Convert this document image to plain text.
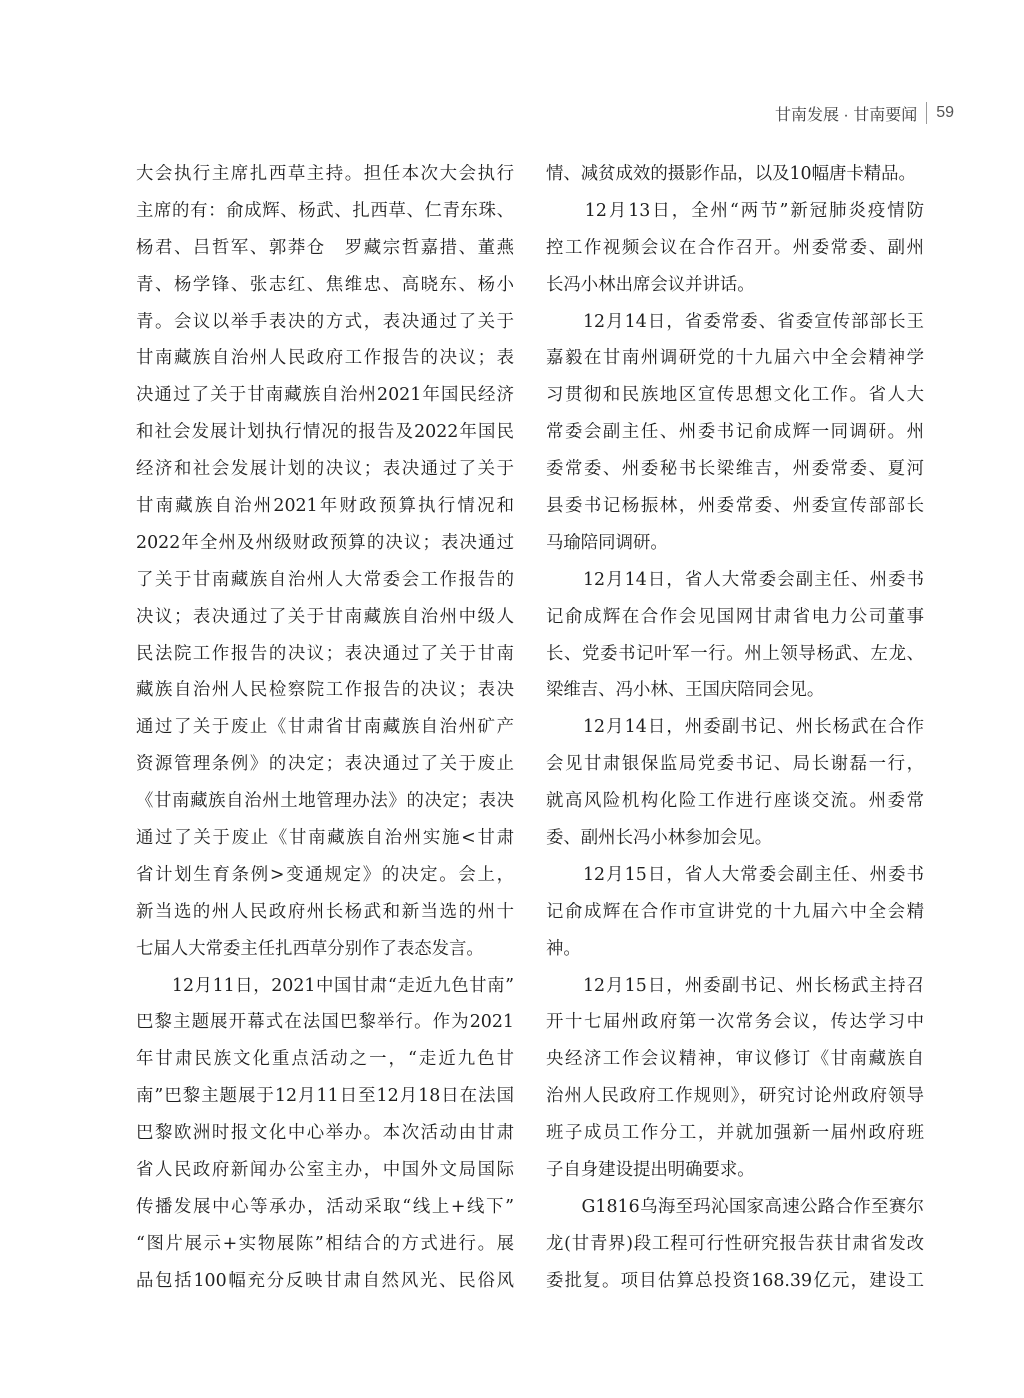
甘南发展 · 甘南要闻 59
大会执行主席扎西草主持。担任本次大会执行
主席的有：俞成辉、杨武、扎西草、仁青东珠、
杨君、吕哲军、郭莽仓　罗藏宗哲嘉措、董燕
青、杨学锋、张志红、焦维忠、高晓东、杨小
青。会议以举手表决的方式，表决通过了关于
甘南藏族自治州人民政府工作报告的决议；表
决通过了关于甘南藏族自治州2021年国民经济
和社会发展计划执行情况的报告及2022年国民
经济和社会发展计划的决议；表决通过了关于
甘南藏族自治州2021年财政预算执行情况和
2022年全州及州级财政预算的决议；表决通过
了关于甘南藏族自治州人大常委会工作报告的
决议；表决通过了关于甘南藏族自治州中级人
民法院工作报告的决议；表决通过了关于甘南
藏族自治州人民检察院工作报告的决议；表决
通过了关于废止《甘肃省甘南藏族自治州矿产
资源管理条例》的决定；表决通过了关于废止
《甘南藏族自治州土地管理办法》的决定；表决
通过了关于废止《甘南藏族自治州实施<甘肃
省计划生育条例>变通规定》的决定。会上，
新当选的州人民政府州长杨武和新当选的州十
七届人大常委主任扎西草分别作了表态发言。
　　12月11日，2021中国甘肃“走近九色甘南”
巴黎主题展开幕式在法国巴黎举行。作为2021
年甘肃民族文化重点活动之一，“走近九色甘
南”巴黎主题展于12月11日至12月18日在法国
巴黎欧洲时报文化中心举办。本次活动由甘肃
省人民政府新闻办公室主办，中国外文局国际
传播发展中心等承办，活动采取“线上+线下”
“图片展示+实物展陈”相结合的方式进行。展
品包括100幅充分反映甘肃自然风光、民俗风
情、减贫成效的摄影作品，以及10幅唐卡精品。
　　12月13日，全州“两节”新冠肺炎疫情防
控工作视频会议在合作召开。州委常委、副州
长冯小林出席会议并讲话。
　　12月14日，省委常委、省委宣传部部长王
嘉毅在甘南州调研党的十九届六中全会精神学
习贯彻和民族地区宣传思想文化工作。省人大
常委会副主任、州委书记俞成辉一同调研。州
委常委、州委秘书长梁维吉，州委常委、夏河
县委书记杨振林，州委常委、州委宣传部部长
马瑜陪同调研。
　　12月14日，省人大常委会副主任、州委书
记俞成辉在合作会见国网甘肃省电力公司董事
长、党委书记叶军一行。州上领导杨武、左龙、
梁维吉、冯小林、王国庆陪同会见。
　　12月14日，州委副书记、州长杨武在合作
会见甘肃银保监局党委书记、局长谢磊一行，
就高风险机构化险工作进行座谈交流。州委常
委、副州长冯小林参加会见。
　　12月15日，省人大常委会副主任、州委书
记俞成辉在合作市宣讲党的十九届六中全会精
神。
　　12月15日，州委副书记、州长杨武主持召
开十七届州政府第一次常务会议，传达学习中
央经济工作会议精神，审议修订《甘南藏族自
治州人民政府工作规则》，研究讨论州政府领导
班子成员工作分工，并就加强新一届州政府班
子自身建设提出明确要求。
　　G1816乌海至玛沁国家高速公路合作至赛尔
龙(甘青界)段工程可行性研究报告获甘肃省发改
委批复。项目估算总投资168.39亿元，建设工
